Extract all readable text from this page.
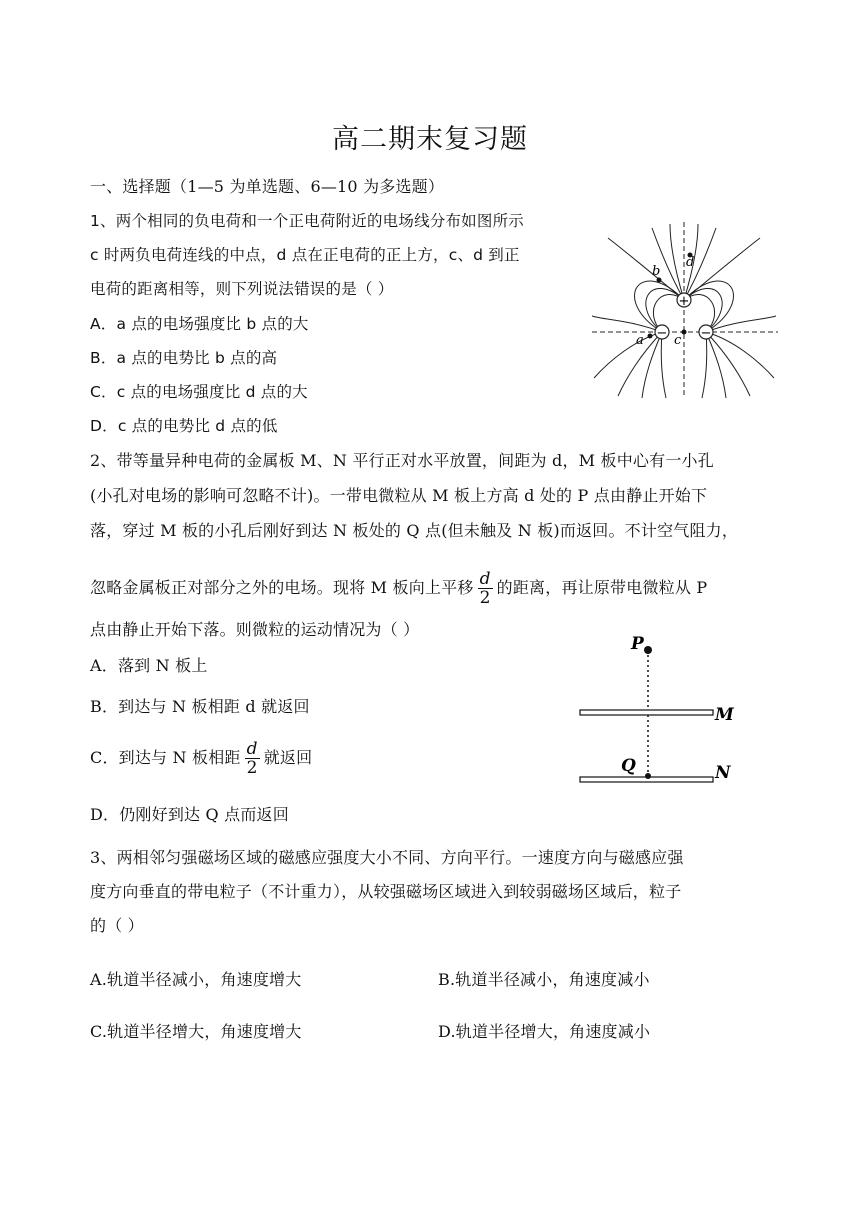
高二期末复习题
一、选择题（1—5 为单选题、6—10 为多选题）
1、两个相同的负电荷和一个正电荷附近的电场线分布如图所示
c 时两负电荷连线的中点，d 点在正电荷的正上方，c、d 到正
电荷的距离相等，则下列说法错误的是（ ）
A．a 点的电场强度比 b 点的大
B．a 点的电势比 b 点的高
C．c 点的电场强度比 d 点的大
D．c 点的电势比 d 点的低
+
−	−
b
d
a c
2、带等量异种电荷的金属板 M、N 平行正对水平放置，间距为 d，M 板中心有一小孔
(小孔对电场的影响可忽略不计)。一带电微粒从 M 板上方高 d 处的 P 点由静止开始下
落，穿过 M 板的小孔后刚好到达 N 板处的 Q 点(但未触及 N 板)而返回。不计空气阻力，
忽略金属板正对部分之外的电场。现将 M 板向上平移 $\frac{d}{2}$ 的距离，再让原带电微粒从 P
点由静止开始下落。则微粒的运动情况为（ ）
A．落到 N 板上
B．到达与 N 板相距 d 就返回
C．到达与 N 板相距 $\frac{d}{2}$ 就返回
D．仍刚好到达 Q 点而返回
P
M
Q	N
3、两相邻匀强磁场区域的磁感应强度大小不同、方向平行。一速度方向与磁感应强
度方向垂直的带电粒子（不计重力），从较强磁场区域进入到较弱磁场区域后，粒子
的（ ）
A.轨道半径减小，角速度增大	B.轨道半径减小，角速度减小
C.轨道半径增大，角速度增大	D.轨道半径增大，角速度减小
